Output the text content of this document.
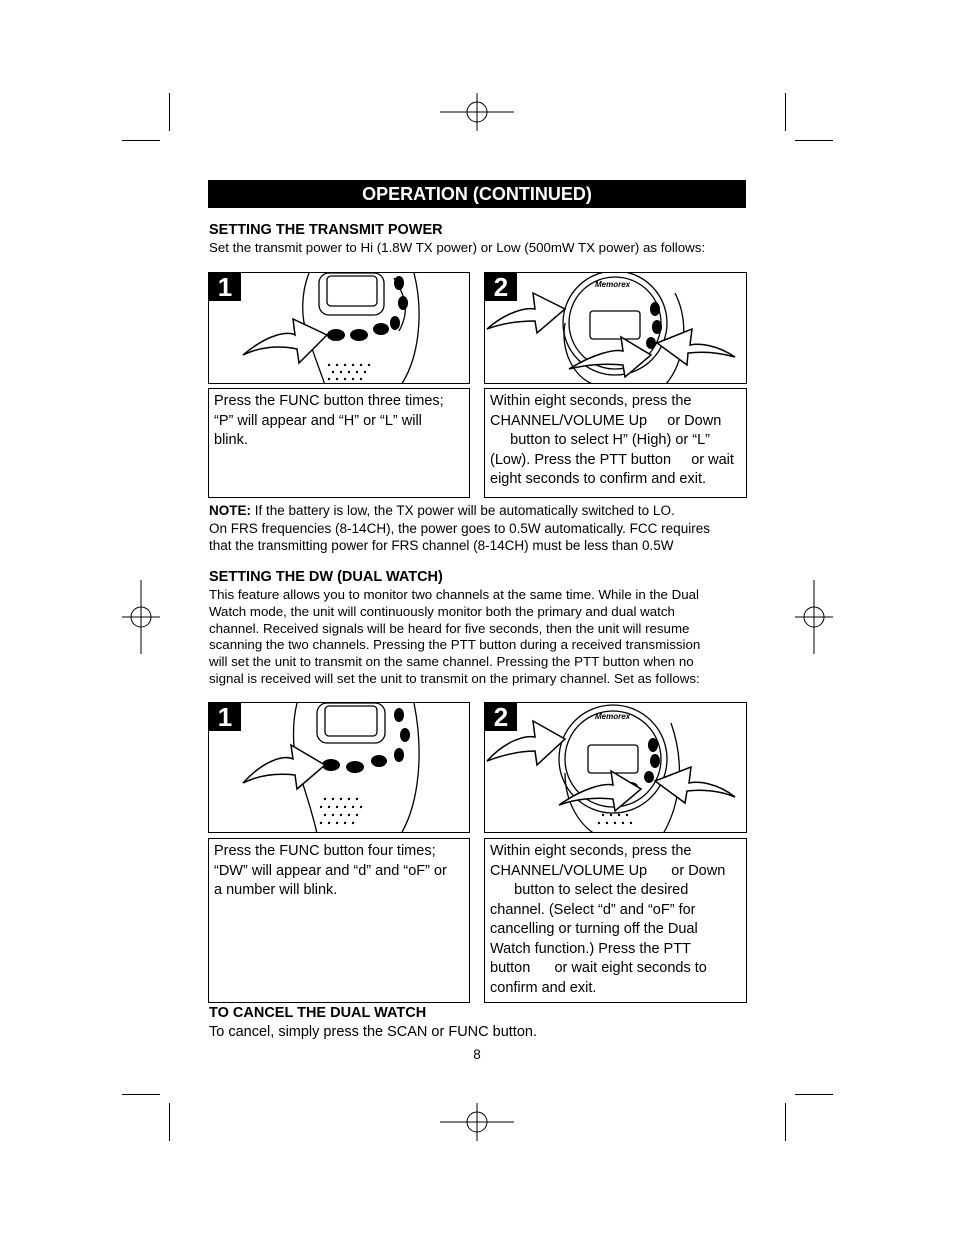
OPERATION (CONTINUED)
SETTING THE TRANSMIT POWER
Set the transmit power to Hi (1.8W TX power) or Low (500mW TX power) as follows:
1	Memorex
2
Press the FUNC button three times;
“P” will appear and “H” or “L” will
blink.
Within eight seconds, press the
CHANNEL/VOLUME Up     or Down
button to select H” (High) or “L”
(Low). Press the PTT button     or wait
eight seconds to confirm and exit.
NOTE: If the battery is low, the TX power will be automatically switched to LO.
On FRS frequencies (8-14CH), the power goes to 0.5W automatically. FCC requires
that the transmitting power for FRS channel (8-14CH) must be less than 0.5W
SETTING THE DW (DUAL WATCH)
This feature allows you to monitor two channels at the same time. While in the Dual
Watch mode, the unit will continuously monitor both the primary and dual watch
channel. Received signals will be heard for five seconds, then the unit will resume
scanning the two channels. Pressing the PTT button during a received transmission
will set the unit to transmit on the same channel. Pressing the PTT button when no
signal is received will set the unit to transmit on the primary channel. Set as follows:
1	Memorex
2
Press the FUNC button four times;
“DW” will appear and “d” and “oF” or
a number will blink.
Within eight seconds, press the
CHANNEL/VOLUME Up      or Down
button to select the desired
channel. (Select “d” and “oF” for
cancelling or turning off the Dual
Watch function.) Press the PTT
button      or wait eight seconds to
confirm and exit.
TO CANCEL THE DUAL WATCH
To cancel, simply press the SCAN or FUNC button.
8
